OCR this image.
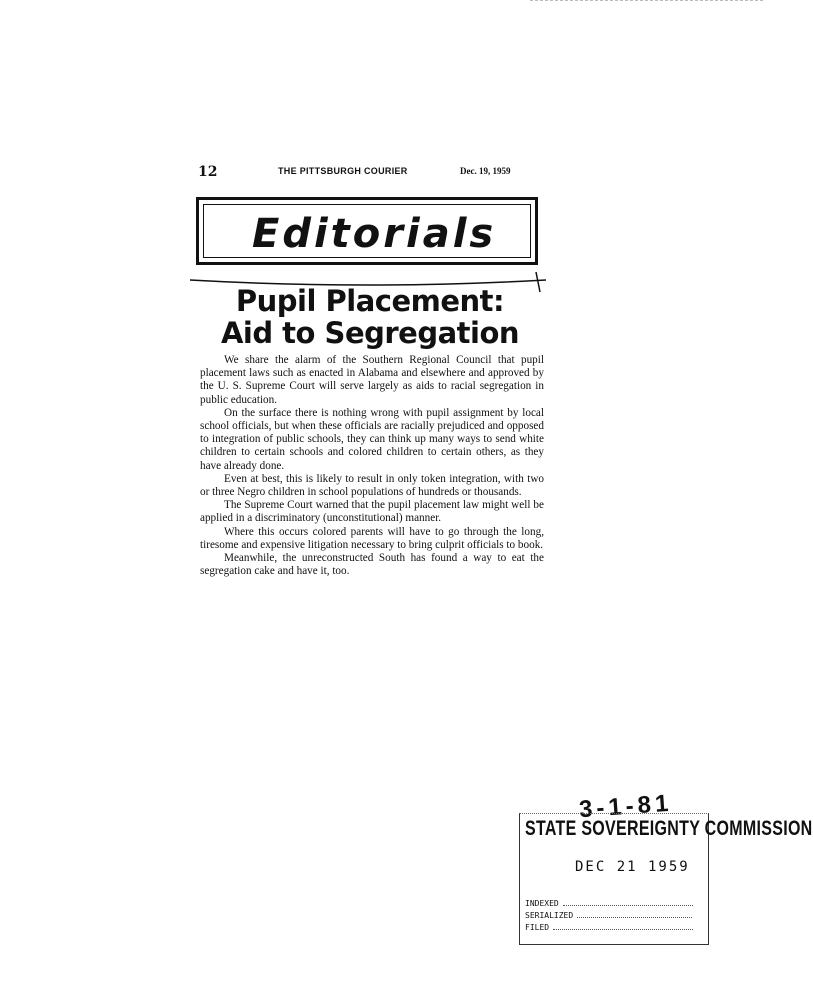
12	THE PITTSBURGH COURIER	Dec. 19, 1959
Editorials
Pupil Placement:
Aid to Segregation

We share the alarm of the Southern Regional Council that pupil placement laws such as enacted in Alabama and elsewhere and approved by the U. S. Supreme Court will serve largely as aids to racial segregation in public education.

On the surface there is nothing wrong with pupil assignment by local school officials, but when these officials are racially prejudiced and opposed to integration of public schools, they can think up many ways to send white children to certain schools and colored children to certain others, as they have already done.

Even at best, this is likely to result in only token integration, with two or three Negro children in school populations of hundreds or thousands.

The Supreme Court warned that the pupil placement law might well be applied in a discriminatory (unconstitutional) manner.

Where this occurs colored parents will have to go through the long, tiresome and expensive litigation necessary to bring culprit officials to book.

Meanwhile, the unreconstructed South has found a way to eat the segregation cake and have it, too.

3-1-81
STATE SOVEREIGNTY COMMISSION
DEC 21 1959
INDEXED
SERIALIZED
FILED
